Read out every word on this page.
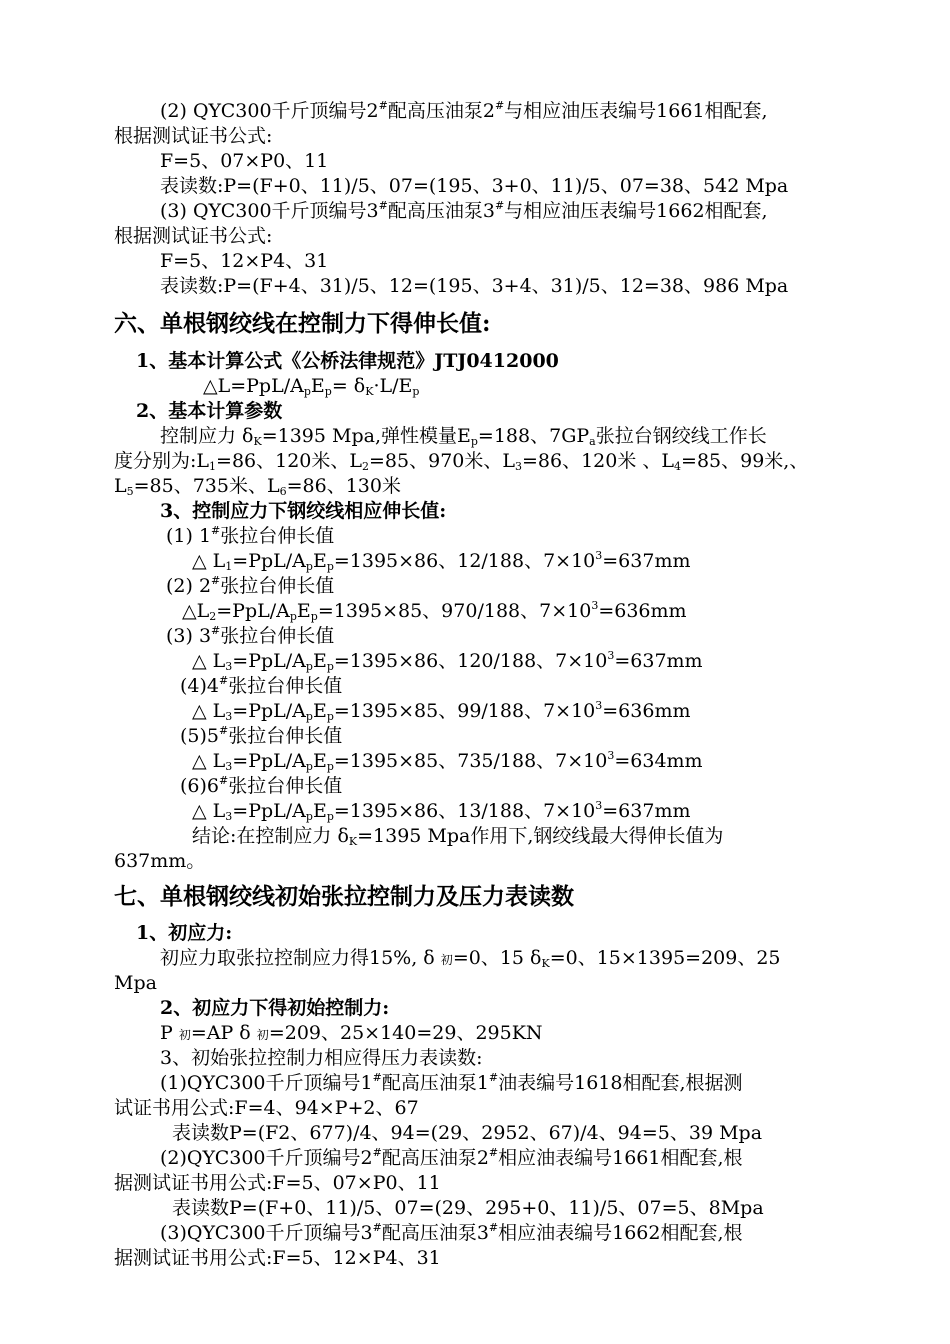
(2) QYC300千斤顶编号2#配高压油泵2#与相应油压表编号1661相配套,
根据测试证书公式:
F=5、07×P0、11
表读数:P=(F+0、11)/5、07=(195、3+0、11)/5、07=38、542 Mpa
(3) QYC300千斤顶编号3#配高压油泵3#与相应油压表编号1662相配套,
根据测试证书公式:
F=5、12×P4、31
表读数:P=(F+4、31)/5、12=(195、3+4、31)/5、12=38、986 Mpa
六、单根钢绞线在控制力下得伸长值:
1、基本计算公式《公桥法律规范》JTJ0412000
$\triangle L=PpL/A_pE_p= \delta_K\cdot L/E_p$
2、基本计算参数
控制应力 $\delta_K=1395$ Mpa,弹性模量$E_p=188$、$7GP_a$张拉台钢绞线工作长
度分别为$:L_1=86$、120米、$L_2=85$、970米、$L_3=86$、120米 、$L_4=85$、99米,、
$L_5=85$、735米、$L_6=86$、130米
3、控制应力下钢绞线相应伸长值:
(1) 1#张拉台伸长值
△ $L_1=PpL/A_pE_p=1395\times 86$、12/188、$7\times 10^3=637mm$
(2) 2#张拉台伸长值
$\triangle L_2=PpL/A_pE_p=1395\times 85$、970/188、$7\times 10^3=636mm$
(3) 3#张拉台伸长值
△ $L_3=PpL/A_pE_p=1395\times 86$、120/188、$7\times 10^3=637mm$
(4)4#张拉台伸长值
△ $L_3=PpL/A_pE_p=1395\times 85$、99/188、$7\times 10^3=636mm$
(5)5#张拉台伸长值
△ $L_3=PpL/A_pE_p=1395\times 85$、735/188、$7\times 10^3=634mm$
(6)6#张拉台伸长值
△ $L_3=PpL/A_pE_p=1395\times 86$、13/188、$7\times 10^3=637mm$
结论:在控制应力 $\delta_K=1395$ Mpa作用下,钢绞线最大得伸长值为
637mm。
七、单根钢绞线初始张拉控制力及压力表读数
1、初应力:
初应力取张拉控制应力得15%, δ 初=0、15 $\delta_K=0$、15×1395=209、25
Mpa
2、初应力下得初始控制力:
P 初=AP δ 初=209、25×140=29、295KN
3、初始张拉控制力相应得压力表读数:
(1)QYC300千斤顶编号1#配高压油泵1#油表编号1618相配套,根据测
试证书用公式:F=4、94×P+2、67
表读数P=(F2、677)/4、94=(29、2952、67)/4、94=5、39 Mpa
(2)QYC300千斤顶编号2#配高压油泵2#相应油表编号1661相配套,根
据测试证书用公式:F=5、07×P0、11
表读数P=(F+0、11)/5、07=(29、295+0、11)/5、07=5、8Mpa
(3)QYC300千斤顶编号3#配高压油泵3#相应油表编号1662相配套,根
据测试证书用公式:F=5、12×P4、31
